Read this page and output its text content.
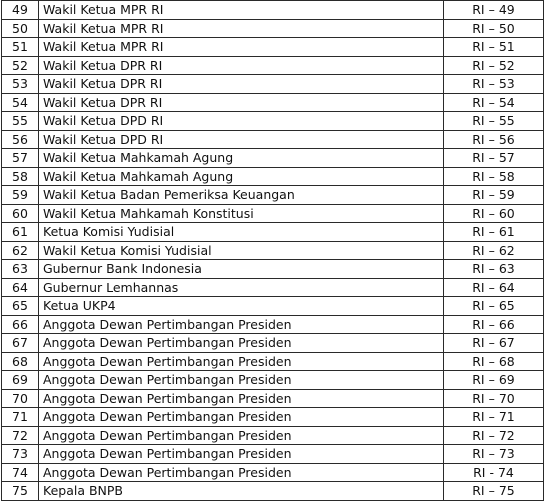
49	Wakil Ketua MPR RI	RI – 49
50	Wakil Ketua MPR RI	RI – 50
51	Wakil Ketua MPR RI	RI – 51
52	Wakil Ketua DPR RI	RI – 52
53	Wakil Ketua DPR RI	RI – 53
54	Wakil Ketua DPR RI	RI – 54
55	Wakil Ketua DPD RI	RI – 55
56	Wakil Ketua DPD RI	RI – 56
57	Wakil Ketua Mahkamah Agung	RI – 57
58	Wakil Ketua Mahkamah Agung	RI – 58
59	Wakil Ketua Badan Pemeriksa Keuangan	RI – 59
60	Wakil Ketua Mahkamah Konstitusi	RI – 60
61	Ketua Komisi Yudisial	RI – 61
62	Wakil Ketua Komisi Yudisial	RI – 62
63	Gubernur Bank Indonesia	RI – 63
64	Gubernur Lemhannas	RI – 64
65	Ketua UKP4	RI – 65
66	Anggota Dewan Pertimbangan Presiden	RI – 66
67	Anggota Dewan Pertimbangan Presiden	RI – 67
68	Anggota Dewan Pertimbangan Presiden	RI – 68
69	Anggota Dewan Pertimbangan Presiden	RI – 69
70	Anggota Dewan Pertimbangan Presiden	RI – 70
71	Anggota Dewan Pertimbangan Presiden	RI – 71
72	Anggota Dewan Pertimbangan Presiden	RI – 72
73	Anggota Dewan Pertimbangan Presiden	RI – 73
74	Anggota Dewan Pertimbangan Presiden	RI - 74
75	Kepala BNPB	RI – 75
